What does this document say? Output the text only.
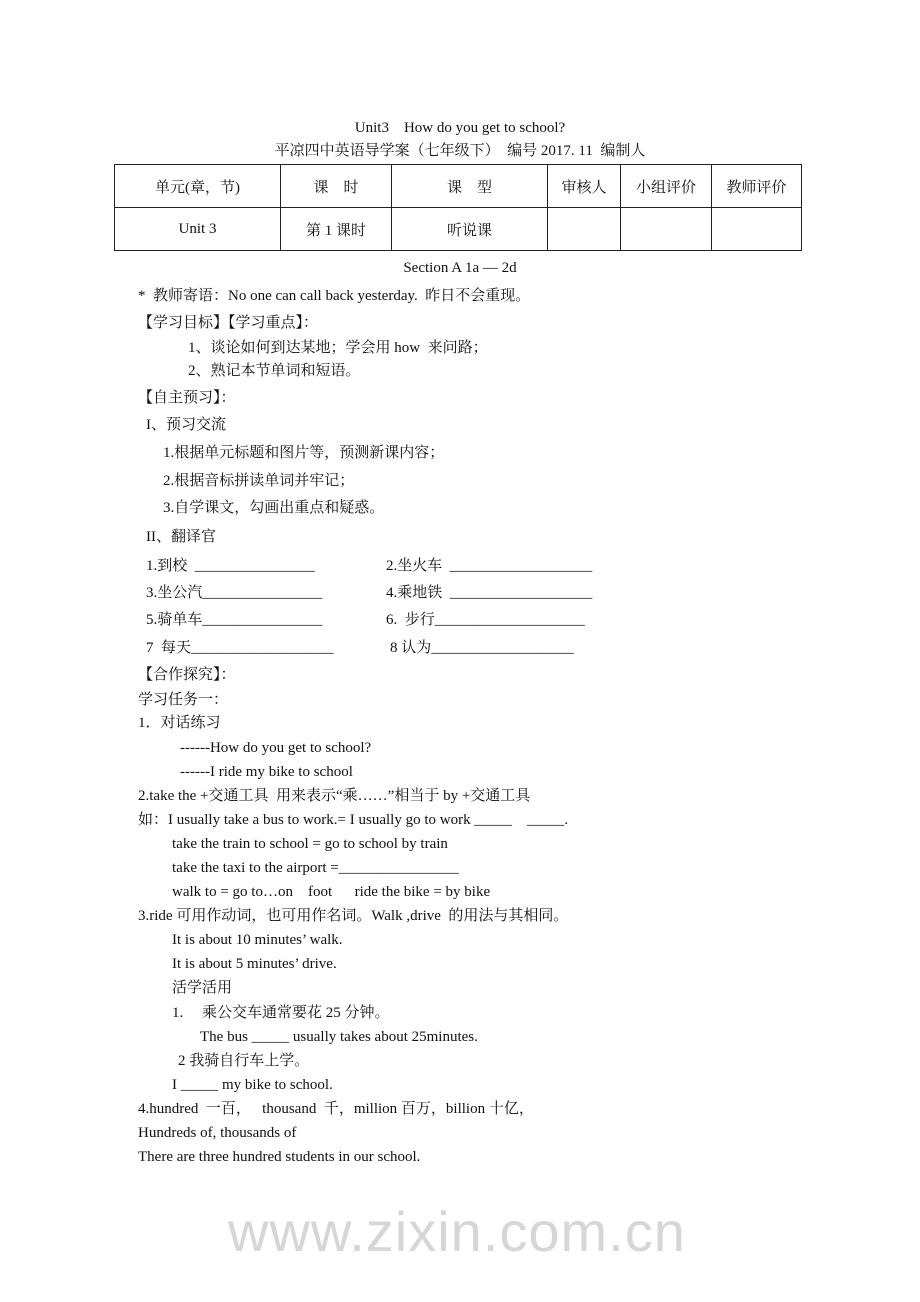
Unit3    How do you get to school?
平凉四中英语导学案（七年级下）  编号 2017. 11  编制人
单元(章，节)	课　时	课　型	审核人	小组评价	教师评价
Unit 3	第 1 课时	听说课			
Section A 1a — 2d
*  教师寄语：No one can call back yesterday.  昨日不会重现。
【学习目标】【学习重点】：
1、谈论如何到达某地；学会用 how  来问路；
2、熟记本节单词和短语。
【自主预习】：
I、预习交流
1.根据单元标题和图片等，预测新课内容；
2.根据音标拼读单词并牢记；
3.自学课文，勾画出重点和疑惑。
II、翻译官
1.到校  ________________	2.坐火车  ___________________
3.坐公汽________________	4.乘地铁  ___________________
5.骑单车________________	6.  步行____________________
7  每天___________________	8 认为___________________
【合作探究】：
学习任务一：
1．对话练习
------How do you get to school?
------I ride my bike to school
2.take the +交通工具  用来表示“乘……”相当于 by +交通工具
如：I usually take a bus to work.= I usually go to work _____    _____.
take the train to school = go to school by train
take the taxi to the airport =________________
walk to = go to…on    foot      ride the bike = by bike
3.ride 可用作动词，也可用作名词。Walk ,drive  的用法与其相同。
It is about 10 minutes’ walk.
It is about 5 minutes’ drive.
活学活用
1.     乘公交车通常要花 25 分钟。
The bus _____ usually takes about 25minutes.
2 我骑自行车上学。
I _____ my bike to school.
4.hundred  一百，   thousand  千，million 百万，billion 十亿，
Hundreds of, thousands of
There are three hundred students in our school.
www.zixin.com.cn
